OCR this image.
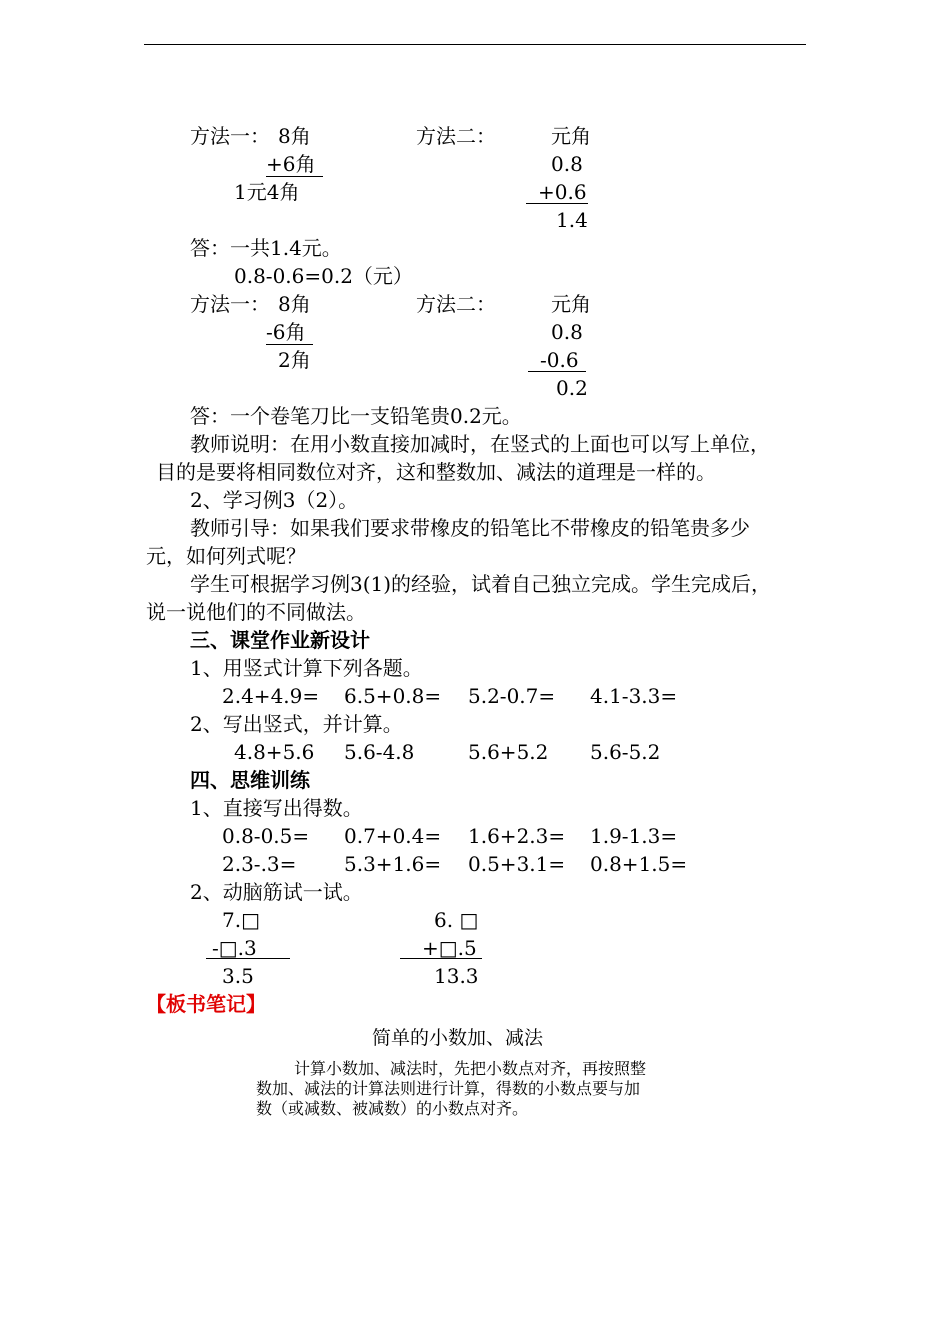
方法一： 8角
+6角
1元4角
方法二：	元角
0.8
+0.6
1.4
答：一共1.4元。
0.8-0.6=0.2（元）
方法一： 8角
-6角
2角
方法二：	元角
0.8
-0.6
0.2
答：一个卷笔刀比一支铅笔贵0.2元。
教师说明：在用小数直接加减时，在竖式的上面也可以写上单位，
目的是要将相同数位对齐，这和整数加、减法的道理是一样的。
2、学习例3（2）。
教师引导：如果我们要求带橡皮的铅笔比不带橡皮的铅笔贵多少
元，如何列式呢？
学生可根据学习例3(1)的经验，试着自己独立完成。学生完成后，
说一说他们的不同做法。
三、课堂作业新设计
1、用竖式计算下列各题。
2.4+4.9= 6.5+0.8= 5.2-0.7= 4.1-3.3=
2、写出竖式，并计算。
4.8+5.6 5.6-4.8	5.6+5.2 5.6-5.2
四、思维训练
1、直接写出得数。
0.8-0.5= 0.7+0.4= 1.6+2.3= 1.9-1.3=
2.3-.3= 5.3+1.6= 0.5+3.1= 0.8+1.5=
2、动脑筋试一试。
7.□
-□.3
3.5
6. □
+□.5
13.3
【板书笔记】
简单的小数加、减法
计算小数加、减法时，先把小数点对齐，再按照整
数加、减法的计算法则进行计算，得数的小数点要与加
数（或减数、被减数）的小数点对齐。
